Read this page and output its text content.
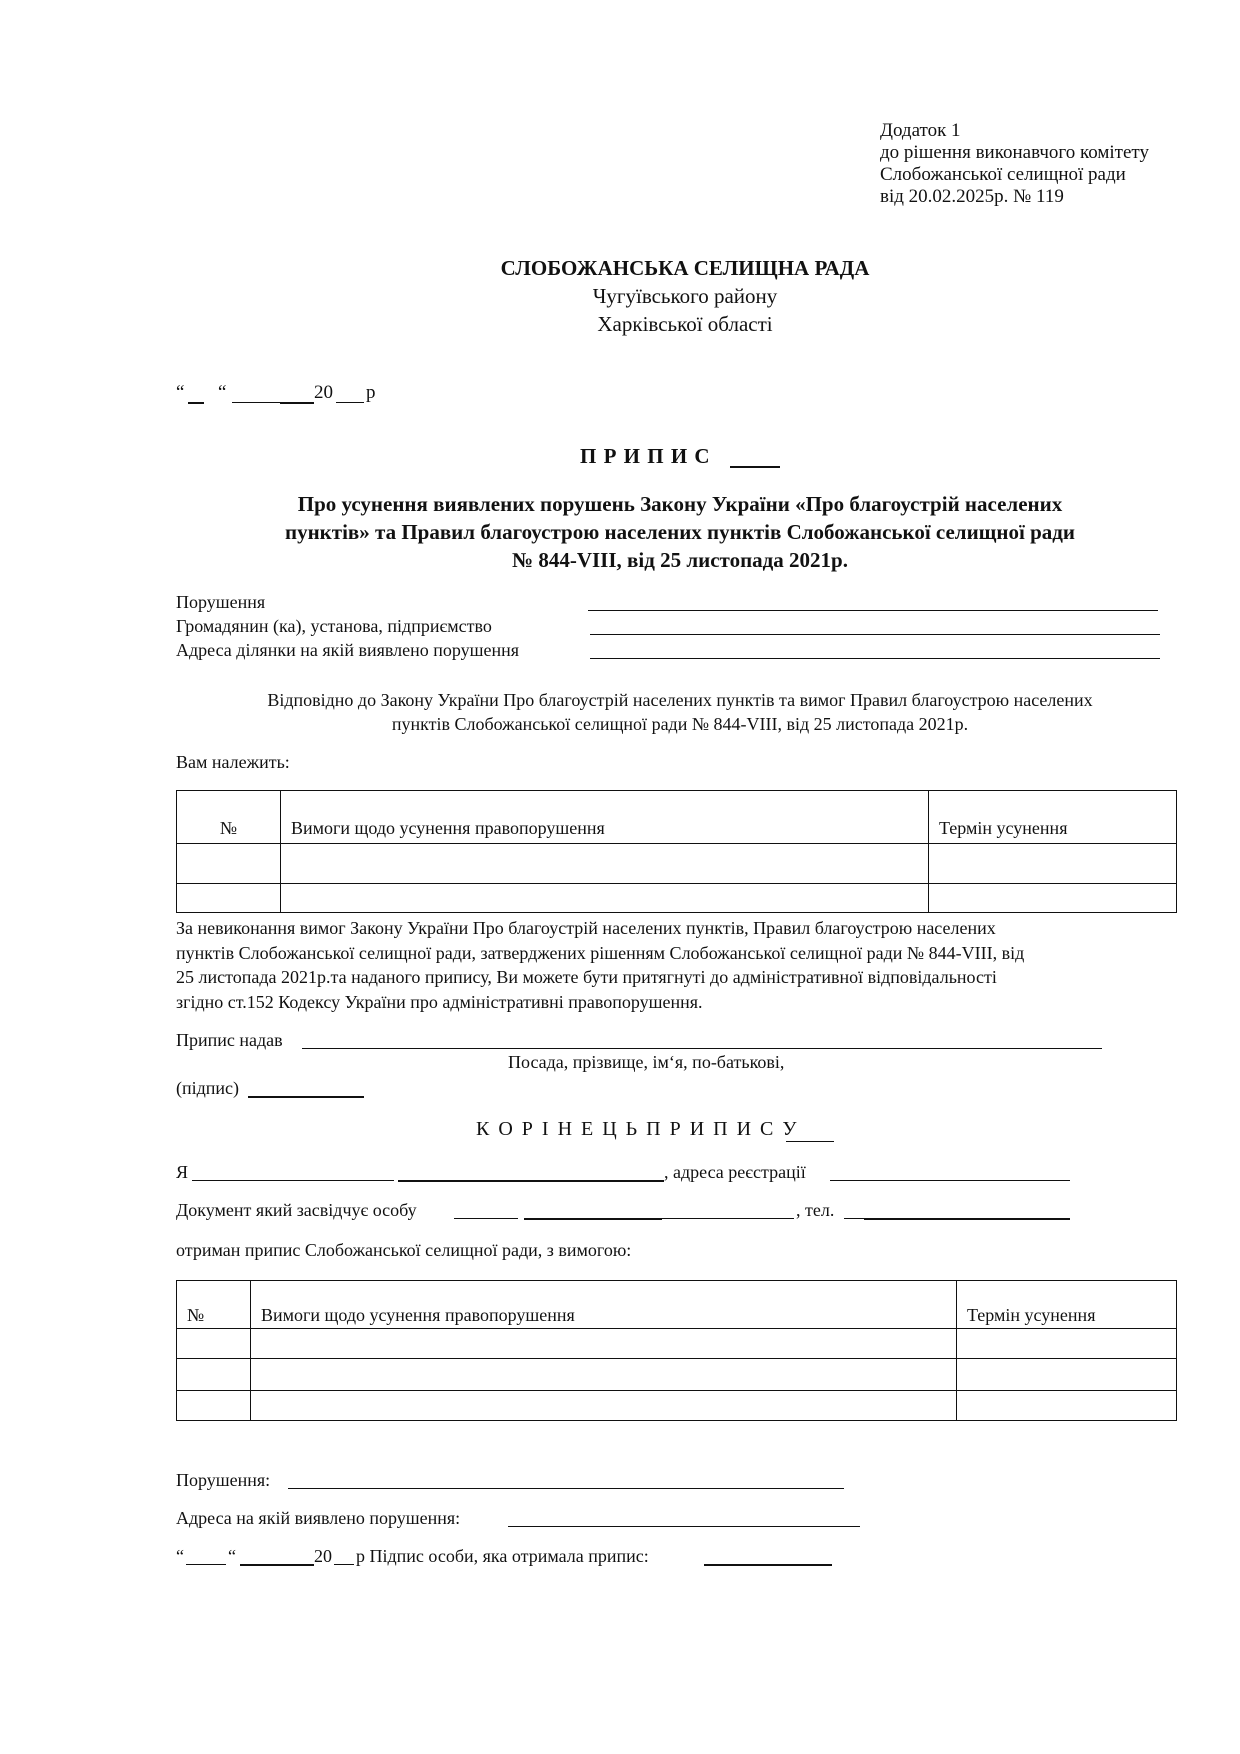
Додаток 1
до рішення виконавчого комітету
Слобожанської селищної ради
від 20.02.2025р. № 119
СЛОБОЖАНСЬКА СЕЛИЩНА РАДА
Чугуївського району
Харківської області
“ “	20 р
П Р И П И С
Про усунення виявлених порушень Закону України «Про благоустрій населених
пунктів» та Правил благоустрою населених пунктів Слобожанської селищної ради
№ 844-VIII, від 25 листопада 2021р.
Порушення
Громадянин (ка), установа, підприємство
Адреса ділянки на якій виявлено порушення
Відповідно до Закону України Про благоустрій населених пунктів та вимог Правил благоустрою населених
пунктів Слобожанської селищної ради № 844-VIII, від 25 листопада 2021р.
Вам належить:
№	Вимоги щодо усунення правопорушення	Термін усунення

За невиконання вимог Закону України Про благоустрій населених пунктів, Правил благоустрою населених
пунктів Слобожанської селищної ради, затверджених рішенням Слобожанської селищної ради № 844-VIII, від
25 листопада 2021р.та наданого припису, Ви можете бути притягнуті до адміністративної відповідальності
згідно ст.152 Кодексу України про адміністративні правопорушення.
Припис надав
Посада, прізвище, ім‘я, по-батькові,
(підпис)
К О Р І Н Е Ц Ь П Р И П И С У
Я	, адреса реєстрації
Документ який засвідчує особу	, тел.
отриман припис Слобожанської селищної ради, з вимогою:
№	Вимоги щодо усунення правопорушення	Термін усунення

Порушення:
Адреса на якій виявлено порушення:
“ “	20 р Підпис особи, яка отримала припис:
